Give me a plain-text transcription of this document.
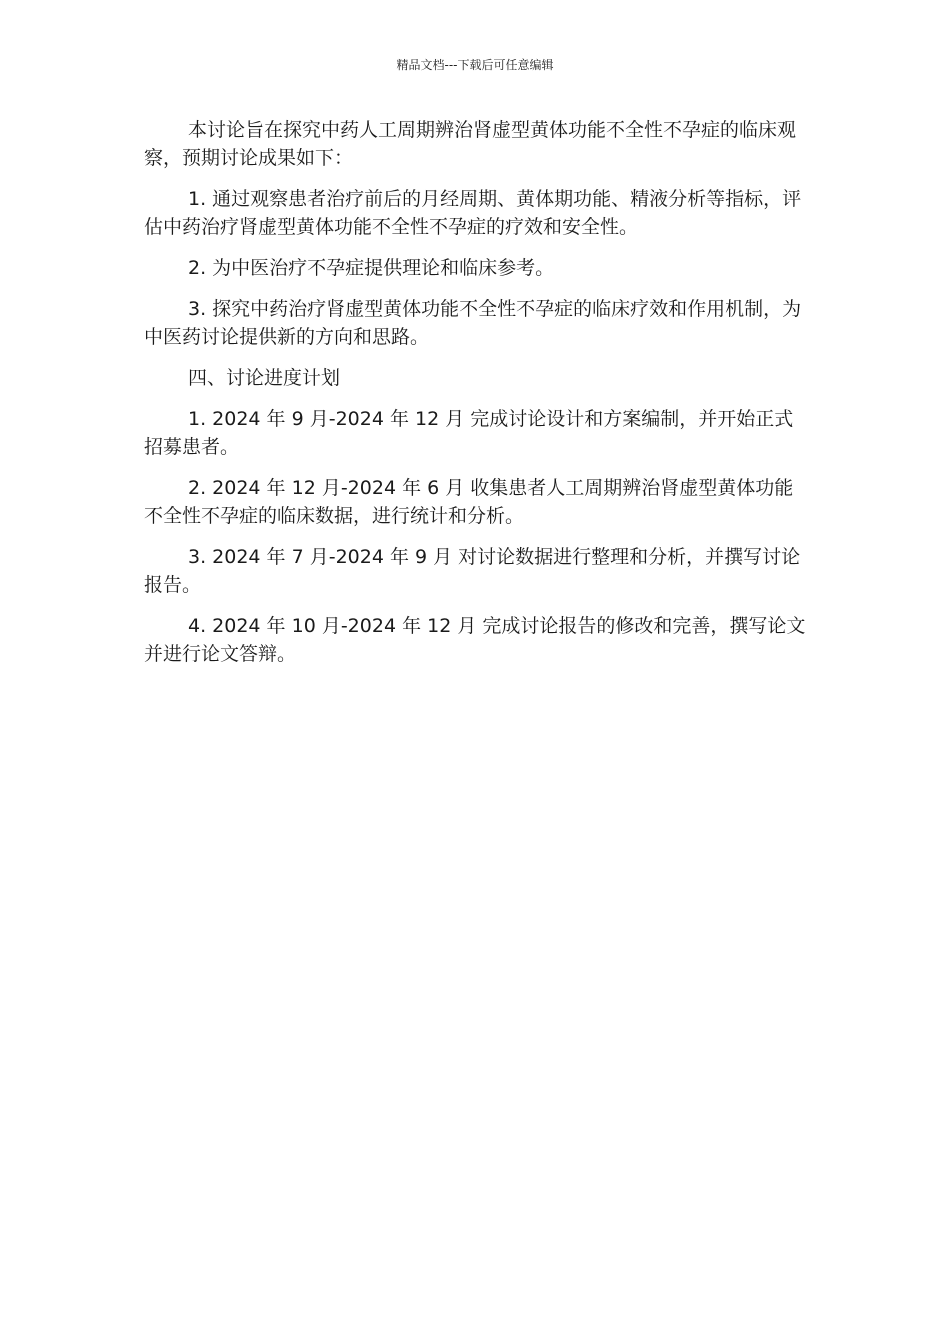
精品文档---下载后可任意编辑

本讨论旨在探究中药人工周期辨治肾虚型黄体功能不全性不孕症的临床观察，预期讨论成果如下：

1. 通过观察患者治疗前后的月经周期、黄体期功能、精液分析等指标，评估中药治疗肾虚型黄体功能不全性不孕症的疗效和安全性。

2. 为中医治疗不孕症提供理论和临床参考。

3. 探究中药治疗肾虚型黄体功能不全性不孕症的临床疗效和作用机制，为中医药讨论提供新的方向和思路。

四、讨论进度计划

1. 2024 年 9 月-2024 年 12 月 完成讨论设计和方案编制，并开始正式招募患者。

2. 2024 年 12 月-2024 年 6 月 收集患者人工周期辨治肾虚型黄体功能不全性不孕症的临床数据，进行统计和分析。

3. 2024 年 7 月-2024 年 9 月 对讨论数据进行整理和分析，并撰写讨论报告。

4. 2024 年 10 月-2024 年 12 月 完成讨论报告的修改和完善，撰写论文并进行论文答辩。
